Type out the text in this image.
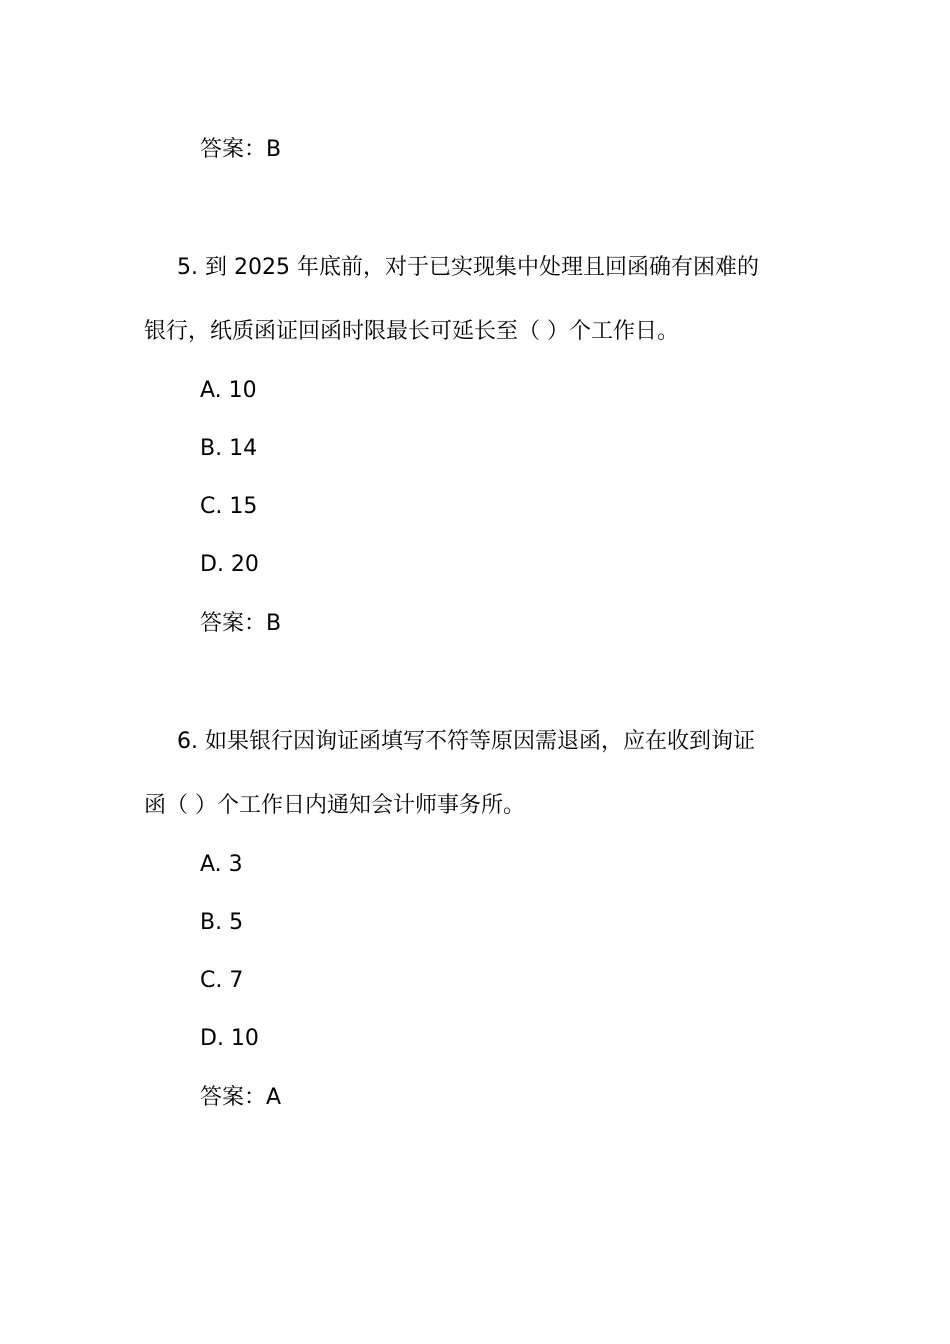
答案：B
5. 到 2025 年底前，对于已实现集中处理且回函确有困难的
银行，纸质函证回函时限最长可延长至（ ）个工作日。
A. 10
B. 14
C. 15
D. 20
答案：B
6. 如果银行因询证函填写不符等原因需退函，应在收到询证
函（ ）个工作日内通知会计师事务所。
A. 3
B. 5
C. 7
D. 10
答案：A
